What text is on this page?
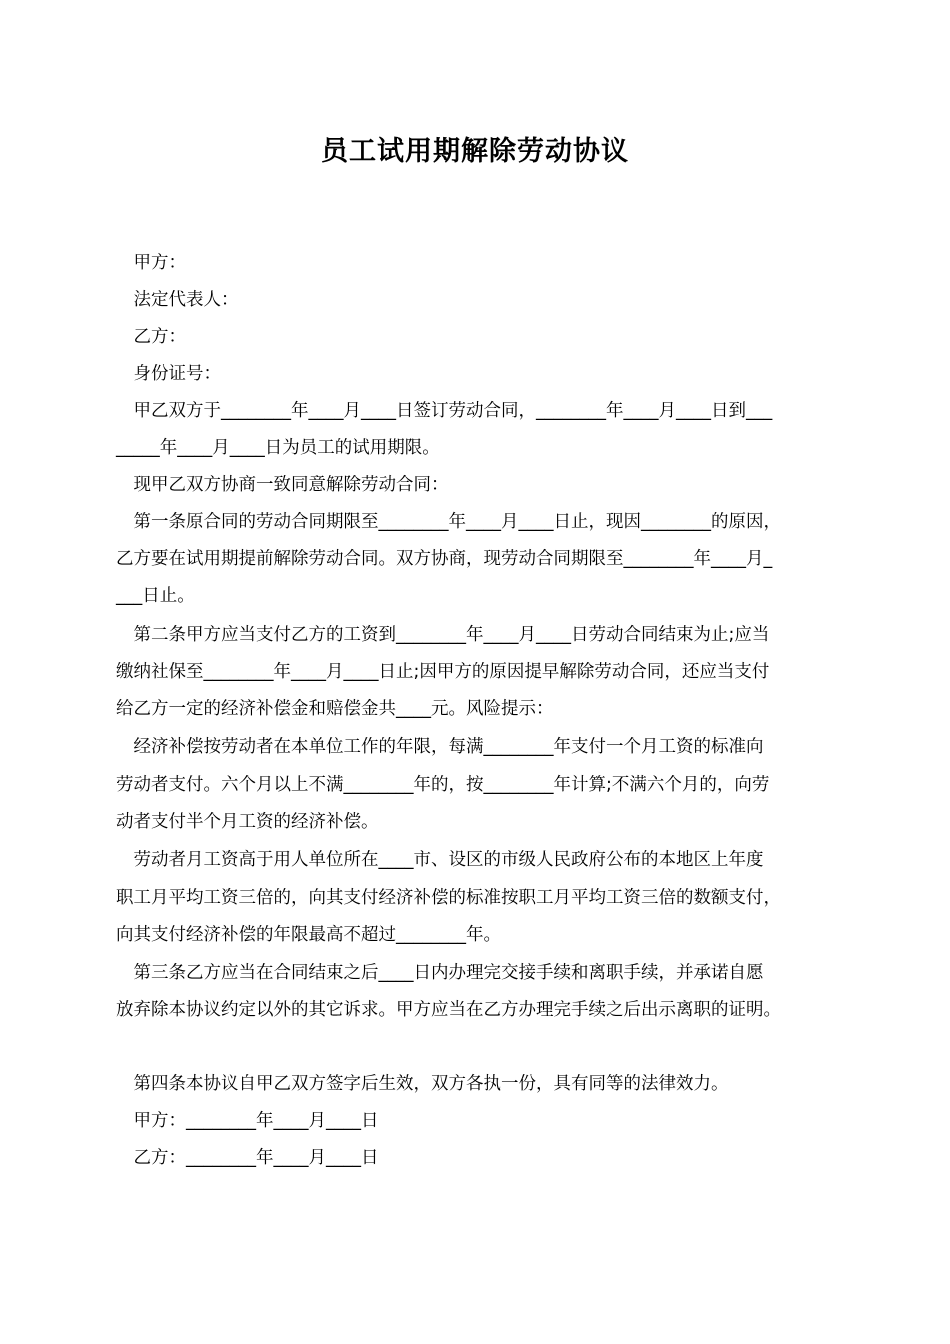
员工试用期解除劳动协议
　甲方：
　法定代表人：
　乙方：
　身份证号：
　甲乙双方于________年____月____日签订劳动合同，________年____月____日到___
_____年____月____日为员工的试用期限。
　现甲乙双方协商一致同意解除劳动合同：
　第一条原合同的劳动合同期限至________年____月____日止，现因________的原因，
乙方要在试用期提前解除劳动合同。双方协商，现劳动合同期限至________年____月_
___日止。
　第二条甲方应当支付乙方的工资到________年____月____日劳动合同结束为止;应当
缴纳社保至________年____月____日止;因甲方的原因提早解除劳动合同，还应当支付
给乙方一定的经济补偿金和赔偿金共____元。风险提示：
　经济补偿按劳动者在本单位工作的年限，每满________年支付一个月工资的标准向
劳动者支付。六个月以上不满________年的，按________年计算;不满六个月的，向劳
动者支付半个月工资的经济补偿。
　劳动者月工资高于用人单位所在____市、设区的市级人民政府公布的本地区上年度
职工月平均工资三倍的，向其支付经济补偿的标准按职工月平均工资三倍的数额支付，
向其支付经济补偿的年限最高不超过________年。
　第三条乙方应当在合同结束之后____日内办理完交接手续和离职手续，并承诺自愿
放弃除本协议约定以外的其它诉求。甲方应当在乙方办理完手续之后出示离职的证明。
　第四条本协议自甲乙双方签字后生效，双方各执一份，具有同等的法律效力。
　甲方：________年____月____日
　乙方：________年____月____日
